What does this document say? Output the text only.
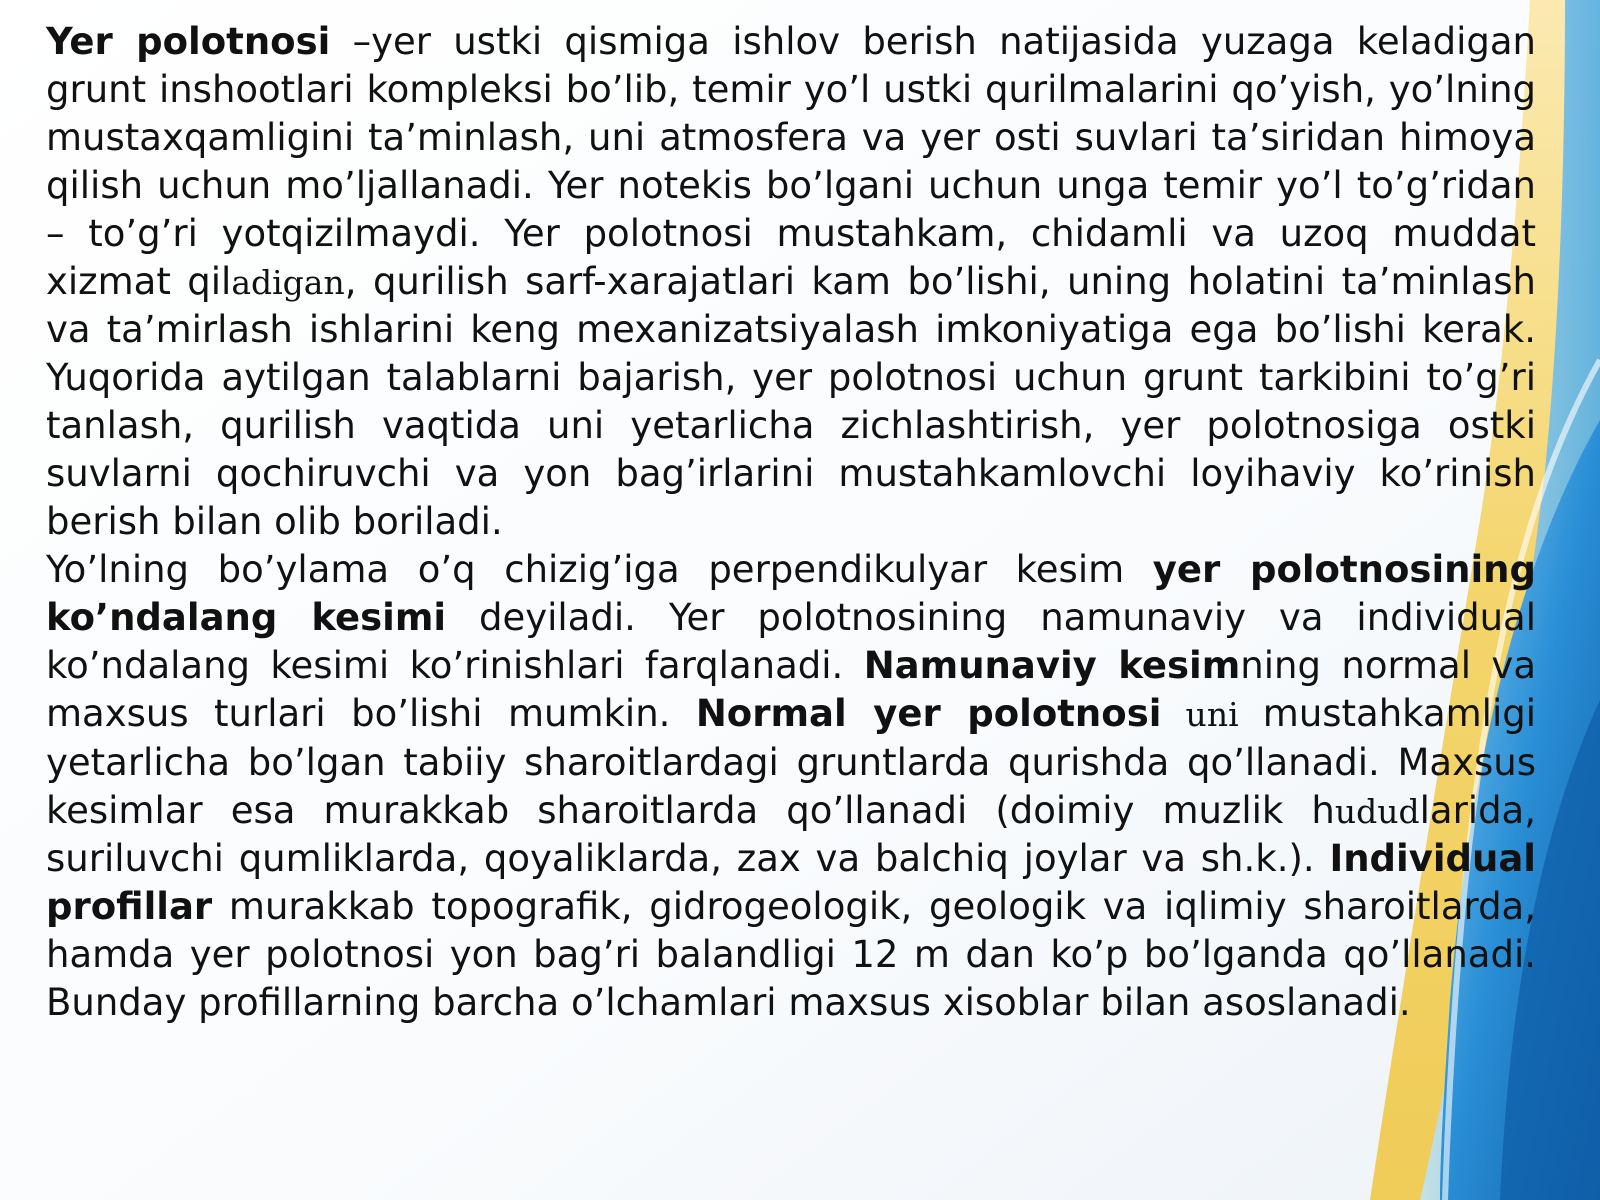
Yer polotnosi –yer ustki qismiga ishlov berish natijasida yuzaga keladigan grunt inshootlari kompleksi bo’lib, temir yo’l ustki qurilmalarini qo’yish, yo’lning mustaxqamligini ta’minlash, uni atmosfera va yer osti suvlari ta’siridan himoya qilish uchun mo’ljallanadi. Yer notekis bo’lgani uchun unga temir yo’l to’g’ridan – to’g’ri yotqizilmaydi. Yer polotnosi mustahkam, chidamli va uzoq muddat xizmat qiladigan, qurilish sarf-xarajatlari kam bo’lishi, uning holatini ta’minlash va ta’mirlash ishlarini keng mexanizatsiyalash imkoniyatiga ega bo’lishi kerak. Yuqorida aytilgan talablarni bajarish, yer polotnosi uchun grunt tarkibini to’g’ri tanlash, qurilish vaqtida uni yetarlicha zichlashtirish, yer polotnosiga ostki suvlarni qochiruvchi va yon bag’irlarini mustahkamlovchi loyihaviy ko’rinish berish bilan olib boriladi.

Yo’lning bo’ylama o’q chizig’iga perpendikulyar kesim yer polotnosining ko’ndalang kesimi deyiladi. Yer polotnosining namunaviy va individual ko’ndalang kesimi ko’rinishlari farqlanadi. Namunaviy kesimning normal va maxsus turlari bo’lishi mumkin. Normal yer polotnosi uni mustahkamligi yetarlicha bo’lgan tabiiy sharoitlardagi gruntlarda qurishda qo’llanadi. Maxsus kesimlar esa murakkab sharoitlarda qo’llanadi (doimiy muzlik hududlarida, suriluvchi qumliklarda, qoyaliklarda, zax va balchiq joylar va sh.k.). Individual profillar murakkab topografik, gidrogeologik, geologik va iqlimiy sharoitlarda, hamda yer polotnosi yon bag’ri balandligi 12 m dan ko’p bo’lganda qo’llanadi. Bunday profillarning barcha o’lchamlari maxsus xisoblar bilan asoslanadi.
